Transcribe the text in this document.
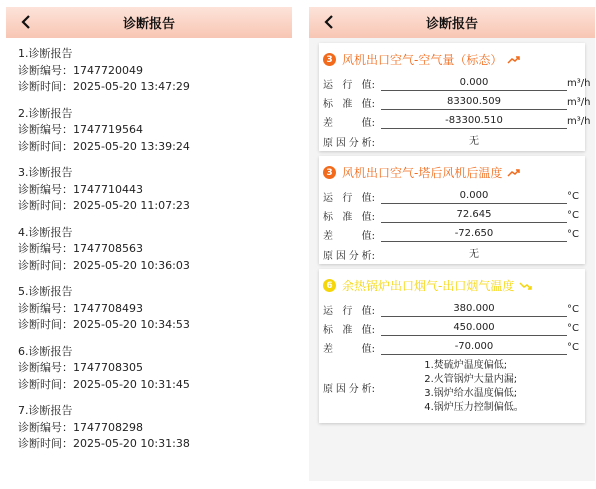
诊断报告
1.诊断报告
诊断编号：1747720049
诊断时间：2025-05-20 13:47:29
2.诊断报告
诊断编号：1747719564
诊断时间：2025-05-20 13:39:24
3.诊断报告
诊断编号：1747710443
诊断时间：2025-05-20 11:07:23
4.诊断报告
诊断编号：1747708563
诊断时间：2025-05-20 10:36:03
5.诊断报告
诊断编号：1747708493
诊断时间：2025-05-20 10:34:53
6.诊断报告
诊断编号：1747708305
诊断时间：2025-05-20 10:31:45
7.诊断报告
诊断编号：1747708298
诊断时间：2025-05-20 10:31:38
诊断报告
3 风机出口空气-空气量（标态）
运 行 值:	0.000	m³/h
标 准 值:	83300.509	m³/h
差	值:	-83300.510	m³/h
原 因 分 析:	无
3 风机出口空气-塔后风机后温度
运 行 值:	0.000	°C
标 准 值:	72.645	°C
差	值:	-72.650	°C
原 因 分 析:	无
6 余热锅炉出口烟气-出口烟气温度
运 行 值:	380.000	°C
标 准 值:	450.000	°C
差	值:	-70.000	°C
原 因 分 析:
1.焚硫炉温度偏低;
2.火管锅炉大量内漏;
3.锅炉给水温度偏低;
4.锅炉压力控制偏低。
